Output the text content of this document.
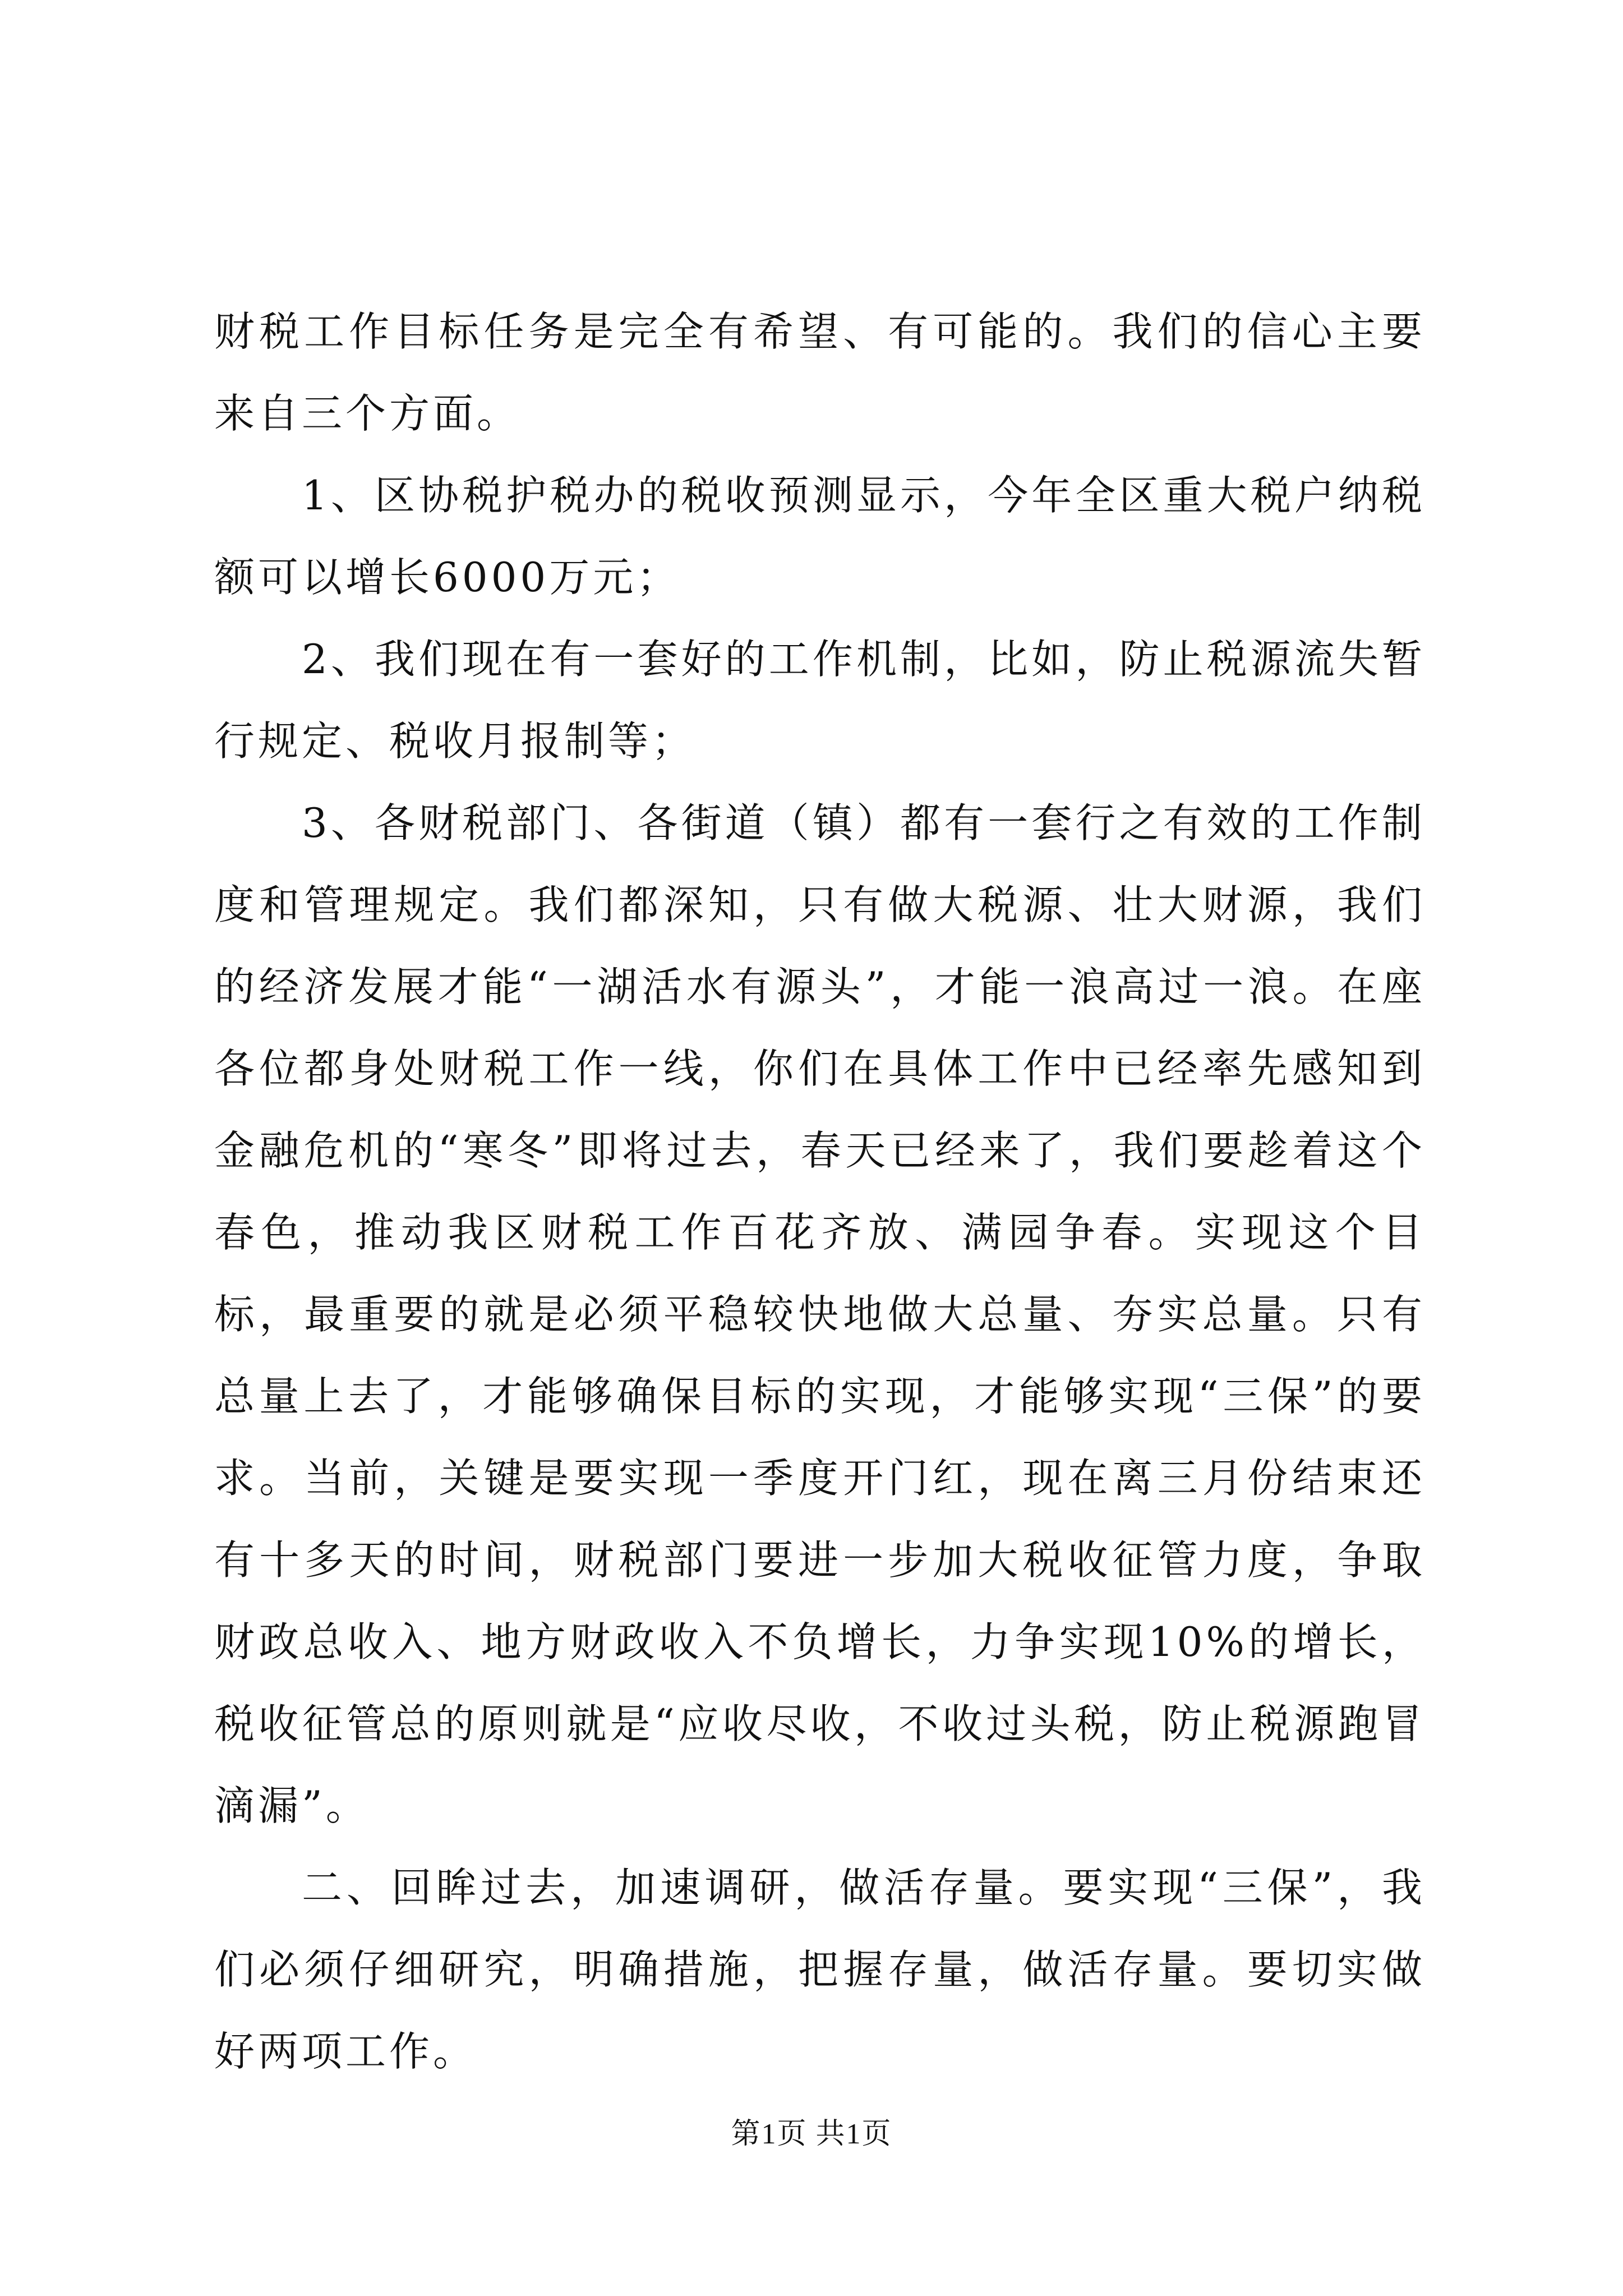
财税工作目标任务是完全有希望、有可能的。我们的信心主要来自三个方面。

1、区协税护税办的税收预测显示，今年全区重大税户纳税额可以增长6000万元；

2、我们现在有一套好的工作机制，比如，防止税源流失暂行规定、税收月报制等；

3、各财税部门、各街道（镇）都有一套行之有效的工作制度和管理规定。我们都深知，只有做大税源、壮大财源，我们的经济发展才能“一湖活水有源头”，才能一浪高过一浪。在座各位都身处财税工作一线，你们在具体工作中已经率先感知到金融危机的“寒冬”即将过去，春天已经来了，我们要趁着这个春色，推动我区财税工作百花齐放、满园争春。实现这个目标，最重要的就是必须平稳较快地做大总量、夯实总量。只有总量上去了，才能够确保目标的实现，才能够实现“三保”的要求。当前，关键是要实现一季度开门红，现在离三月份结束还有十多天的时间，财税部门要进一步加大税收征管力度，争取财政总收入、地方财政收入不负增长，力争实现10%的增长，税收征管总的原则就是“应收尽收，不收过头税，防止税源跑冒滴漏”。

二、回眸过去，加速调研，做活存量。要实现“三保”，我们必须仔细研究，明确措施，把握存量，做活存量。要切实做好两项工作。

第1页 共1页
